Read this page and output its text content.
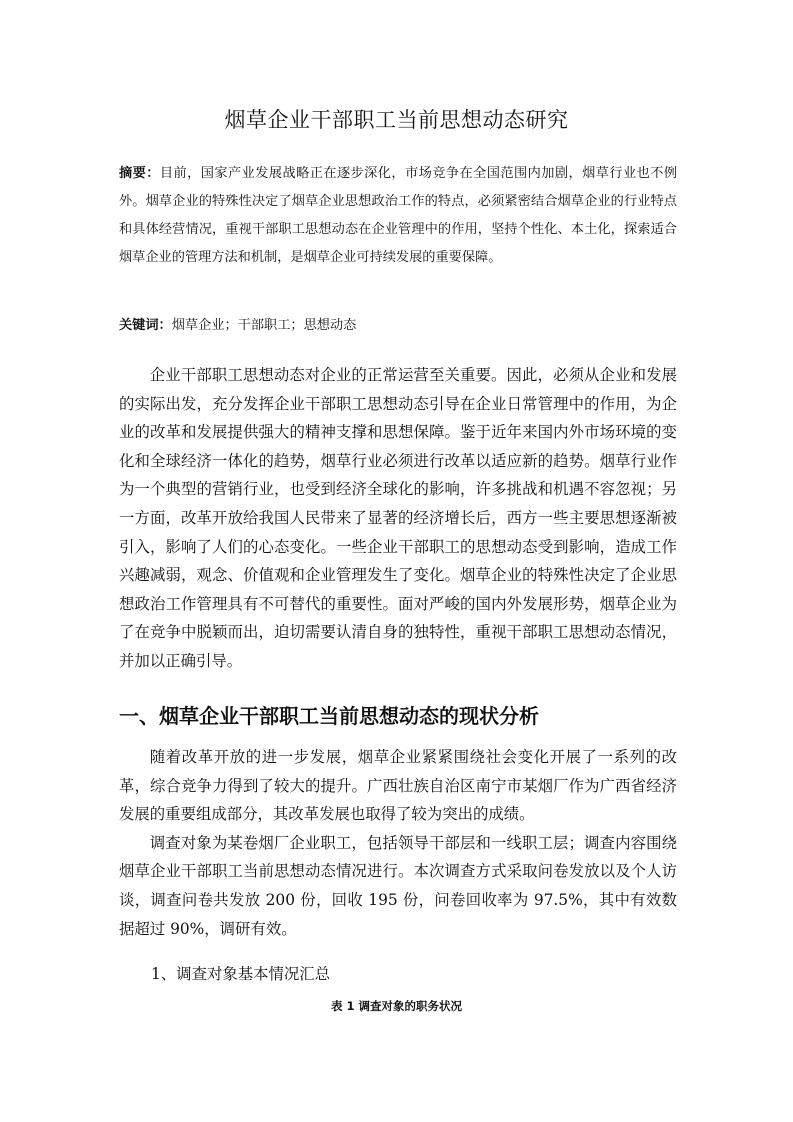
烟草企业干部职工当前思想动态研究
摘要：目前，国家产业发展战略正在逐步深化，市场竞争在全国范围内加剧，烟草行业也不例外。烟草企业的特殊性决定了烟草企业思想政治工作的特点，必须紧密结合烟草企业的行业特点和具体经营情况，重视干部职工思想动态在企业管理中的作用，坚持个性化、本土化，探索适合烟草企业的管理方法和机制，是烟草企业可持续发展的重要保障。
关键词：烟草企业；干部职工；思想动态

企业干部职工思想动态对企业的正常运营至关重要。因此，必须从企业和发展的实际出发，充分发挥企业干部职工思想动态引导在企业日常管理中的作用，为企业的改革和发展提供强大的精神支撑和思想保障。鉴于近年来国内外市场环境的变化和全球经济一体化的趋势，烟草行业必须进行改革以适应新的趋势。烟草行业作为一个典型的营销行业，也受到经济全球化的影响，许多挑战和机遇不容忽视；另一方面，改革开放给我国人民带来了显著的经济增长后，西方一些主要思想逐渐被引入，影响了人们的心态变化。一些企业干部职工的思想动态受到影响，造成工作兴趣减弱，观念、价值观和企业管理发生了变化。烟草企业的特殊性决定了企业思想政治工作管理具有不可替代的重要性。面对严峻的国内外发展形势，烟草企业为了在竞争中脱颖而出，迫切需要认清自身的独特性，重视干部职工思想动态情况，并加以正确引导。

一、烟草企业干部职工当前思想动态的现状分析

随着改革开放的进一步发展，烟草企业紧紧围绕社会变化开展了一系列的改革，综合竞争力得到了较大的提升。广西壮族自治区南宁市某烟厂作为广西省经济发展的重要组成部分，其改革发展也取得了较为突出的成绩。

调查对象为某卷烟厂企业职工，包括领导干部层和一线职工层；调查内容围绕烟草企业干部职工当前思想动态情况进行。本次调查方式采取问卷发放以及个人访谈，调查问卷共发放 200 份，回收 195 份，问卷回收率为 97.5%，其中有效数据超过 90%，调研有效。

1、调查对象基本情况汇总
表 1 调查对象的职务状况
